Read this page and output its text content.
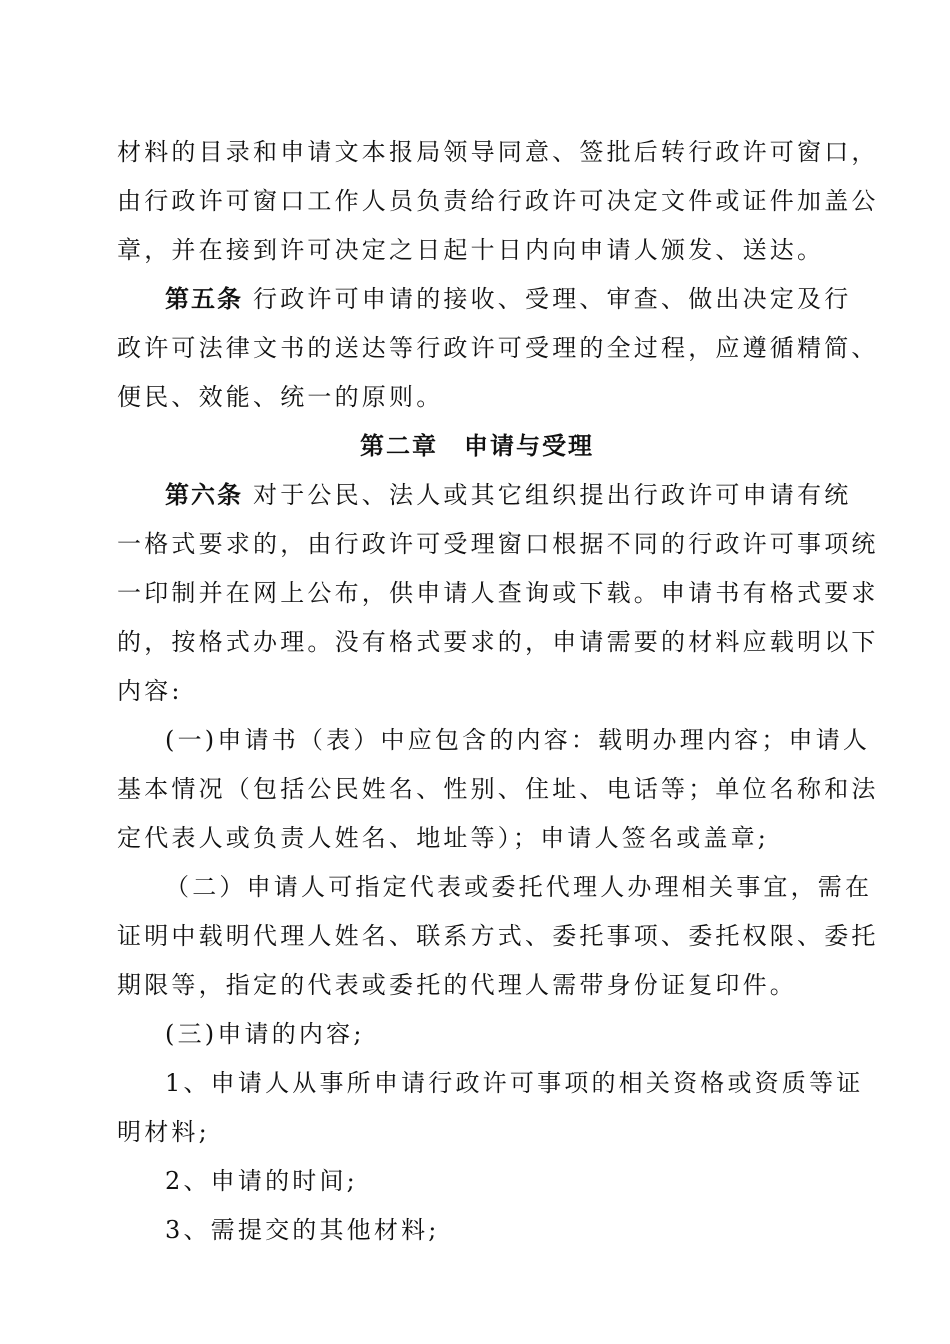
材料的目录和申请文本报局领导同意、签批后转行政许可窗口，
由行政许可窗口工作人员负责给行政许可决定文件或证件加盖公
章，并在接到许可决定之日起十日内向申请人颁发、送达。
第五条 行政许可申请的接收、受理、审查、做出决定及行
政许可法律文书的送达等行政许可受理的全过程，应遵循精简、
便民、效能、统一的原则。
第二章　申请与受理
第六条 对于公民、法人或其它组织提出行政许可申请有统
一格式要求的，由行政许可受理窗口根据不同的行政许可事项统
一印制并在网上公布，供申请人查询或下载。申请书有格式要求
的，按格式办理。没有格式要求的，申请需要的材料应载明以下
内容:
(一)申请书（表）中应包含的内容：载明办理内容；申请人
基本情况（包括公民姓名、性别、住址、电话等；单位名称和法
定代表人或负责人姓名、地址等）；申请人签名或盖章;
（二）申请人可指定代表或委托代理人办理相关事宜，需在
证明中载明代理人姓名、联系方式、委托事项、委托权限、委托
期限等，指定的代表或委托的代理人需带身份证复印件。
(三)申请的内容;
1、申请人从事所申请行政许可事项的相关资格或资质等证
明材料;
2、申请的时间;
3、需提交的其他材料;
